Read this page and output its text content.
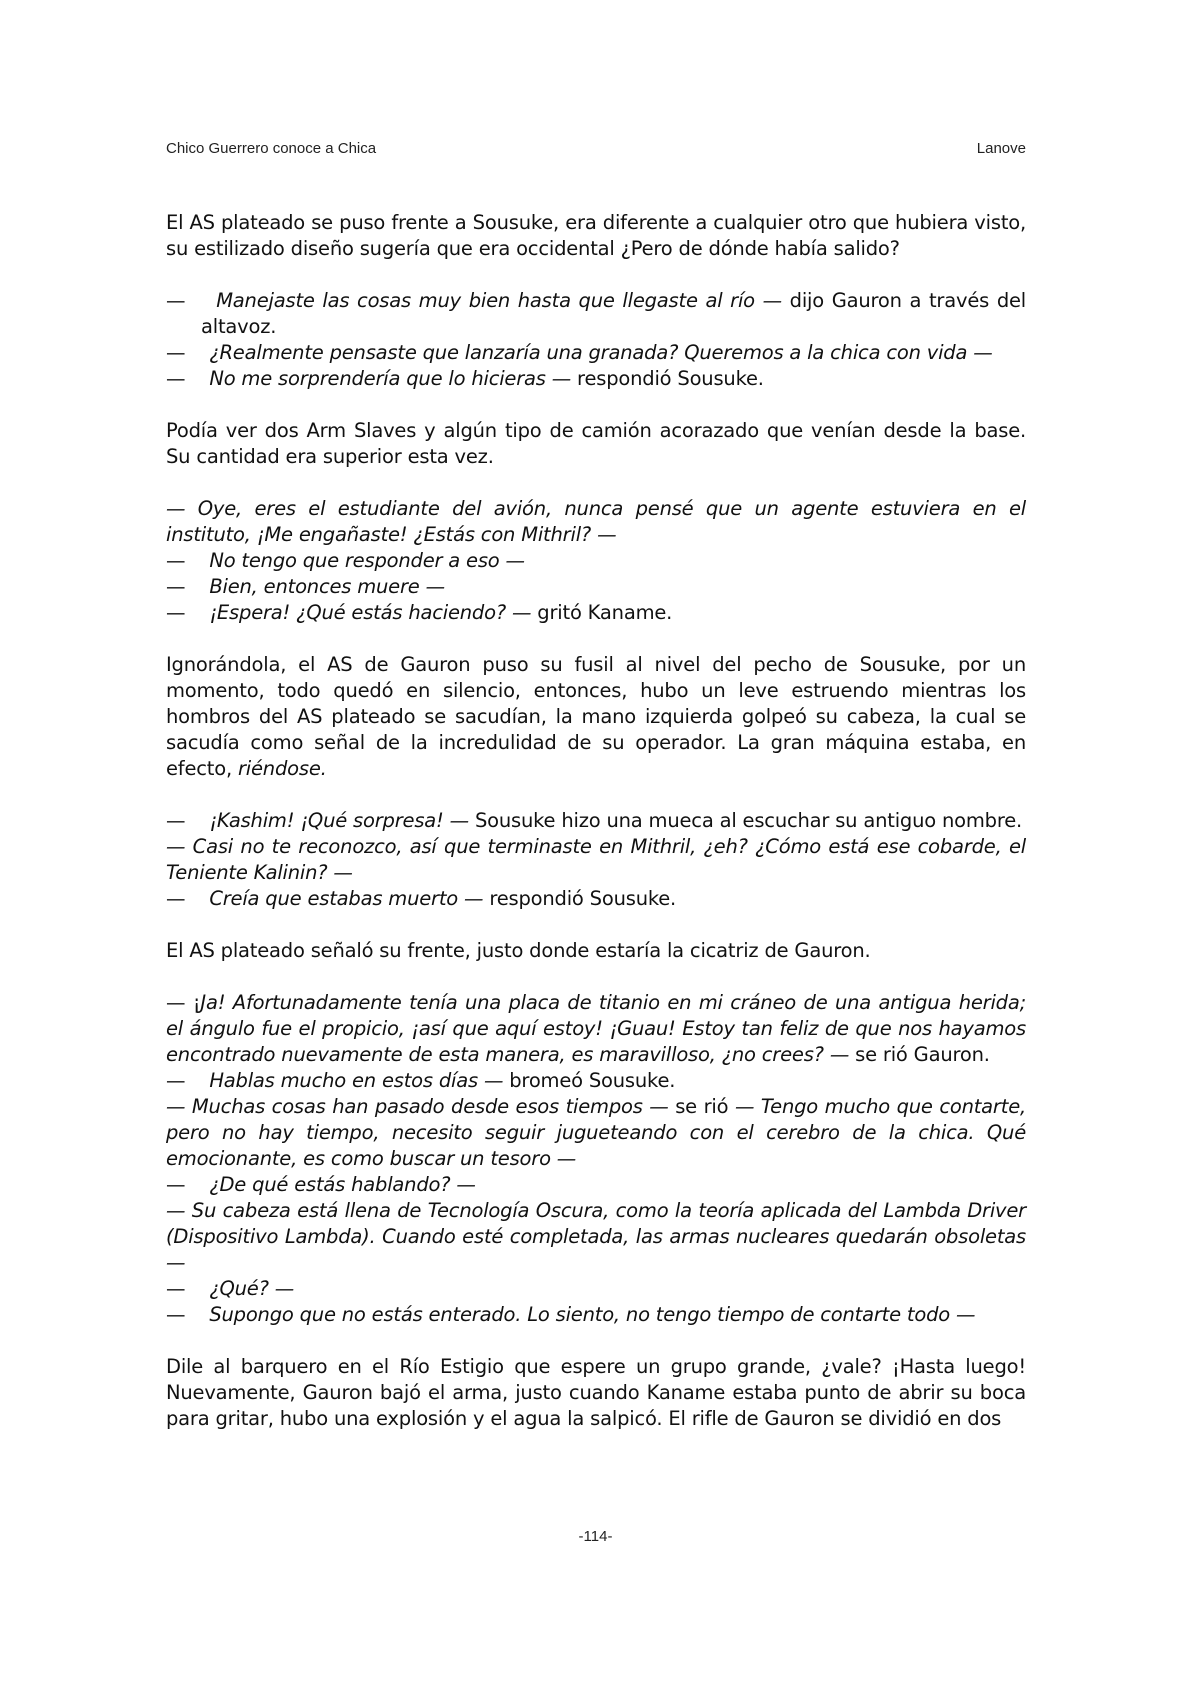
Chico Guerrero conoce a Chica	Lanove

El AS plateado se puso frente a Sousuke, era diferente a cualquier otro que hubiera visto, su estilizado diseño sugería que era occidental ¿Pero de dónde había salido?

— Manejaste las cosas muy bien hasta que llegaste al río — dijo Gauron a través del altavoz.

— ¿Realmente pensaste que lanzaría una granada? Queremos a la chica con vida —

— No me sorprendería que lo hicieras — respondió Sousuke.

Podía ver dos Arm Slaves y algún tipo de camión acorazado que venían desde la base. Su cantidad era superior esta vez.

— Oye, eres el estudiante del avión, nunca pensé que un agente estuviera en el instituto, ¡Me engañaste! ¿Estás con Mithril? —

— No tengo que responder a eso —

— Bien, entonces muere —

— ¡Espera! ¿Qué estás haciendo? — gritó Kaname.

Ignorándola, el AS de Gauron puso su fusil al nivel del pecho de Sousuke, por un momento, todo quedó en silencio, entonces, hubo un leve estruendo mientras los hombros del AS plateado se sacudían, la mano izquierda golpeó su cabeza, la cual se sacudía como señal de la incredulidad de su operador. La gran máquina estaba, en efecto, riéndose.

— ¡Kashim! ¡Qué sorpresa! — Sousuke hizo una mueca al escuchar su antiguo nombre.

— Casi no te reconozco, así que terminaste en Mithril, ¿eh? ¿Cómo está ese cobarde, el Teniente Kalinin? —

— Creía que estabas muerto — respondió Sousuke.

El AS plateado señaló su frente, justo donde estaría la cicatriz de Gauron.

— ¡Ja! Afortunadamente tenía una placa de titanio en mi cráneo de una antigua herida; el ángulo fue el propicio, ¡así que aquí estoy! ¡Guau! Estoy tan feliz de que nos hayamos encontrado nuevamente de esta manera, es maravilloso, ¿no crees? — se rió Gauron.

— Hablas mucho en estos días — bromeó Sousuke.

— Muchas cosas han pasado desde esos tiempos — se rió — Tengo mucho que contarte, pero no hay tiempo, necesito seguir jugueteando con el cerebro de la chica. Qué emocionante, es como buscar un tesoro —

— ¿De qué estás hablando? —

— Su cabeza está llena de Tecnología Oscura, como la teoría aplicada del Lambda Driver (Dispositivo Lambda). Cuando esté completada, las armas nucleares quedarán obsoletas —

— ¿Qué? —

— Supongo que no estás enterado. Lo siento, no tengo tiempo de contarte todo —

Dile al barquero en el Río Estigio que espere un grupo grande, ¿vale? ¡Hasta luego! Nuevamente, Gauron bajó el arma, justo cuando Kaname estaba punto de abrir su boca para gritar, hubo una explosión y el agua la salpicó. El rifle de Gauron se dividió en dos

-114-
